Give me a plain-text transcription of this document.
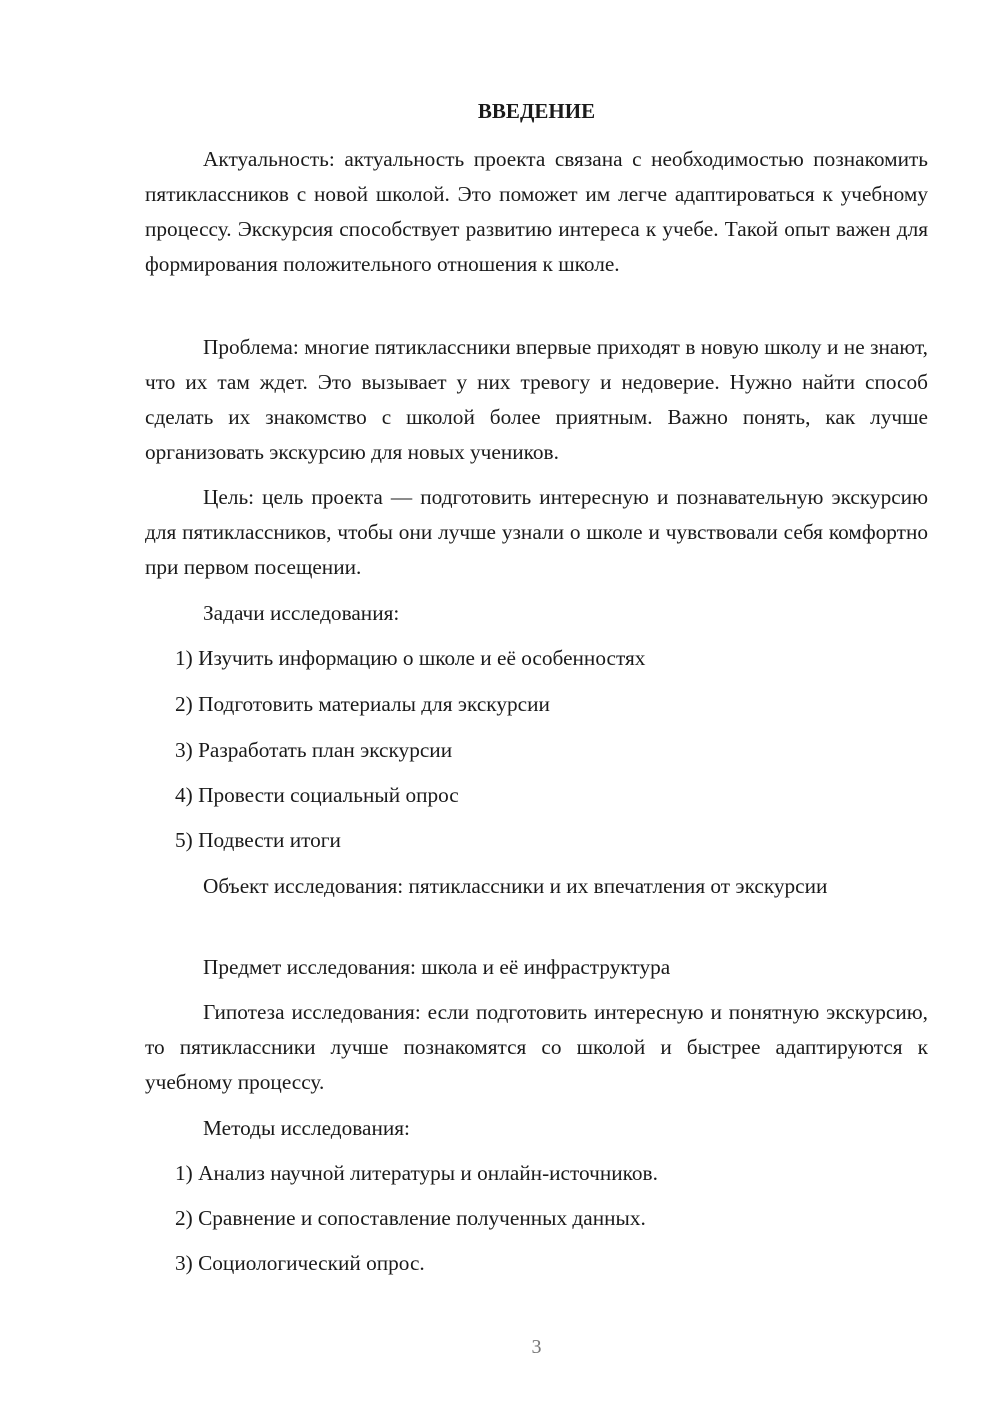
ВВЕДЕНИЕ

Актуальность: актуальность проекта связана с необходимостью познакомить пятиклассников с новой школой. Это поможет им легче адаптироваться к учебному процессу. Экскурсия способствует развитию интереса к учебе. Такой опыт важен для формирования положительного отношения к школе.

Проблема: многие пятиклассники впервые приходят в новую школу и не знают, что их там ждет. Это вызывает у них тревогу и недоверие. Нужно найти способ сделать их знакомство с школой более приятным. Важно понять, как лучше организовать экскурсию для новых учеников.

Цель: цель проекта — подготовить интересную и познавательную экскурсию для пятиклассников, чтобы они лучше узнали о школе и чувствовали себя комфортно при первом посещении.

Задачи исследования:

1) Изучить информацию о школе и её особенностях

2) Подготовить материалы для экскурсии

3) Разработать план экскурсии

4) Провести социальный опрос

5) Подвести итоги

Объект исследования: пятиклассники и их впечатления от экскурсии

Предмет исследования: школа и её инфраструктура

Гипотеза исследования: если подготовить интересную и понятную экскурсию, то пятиклассники лучше познакомятся со школой и быстрее адаптируются к учебному процессу.

Методы исследования:

1) Анализ научной литературы и онлайн-источников.

2) Сравнение и сопоставление полученных данных.

3) Социологический опрос.

3
